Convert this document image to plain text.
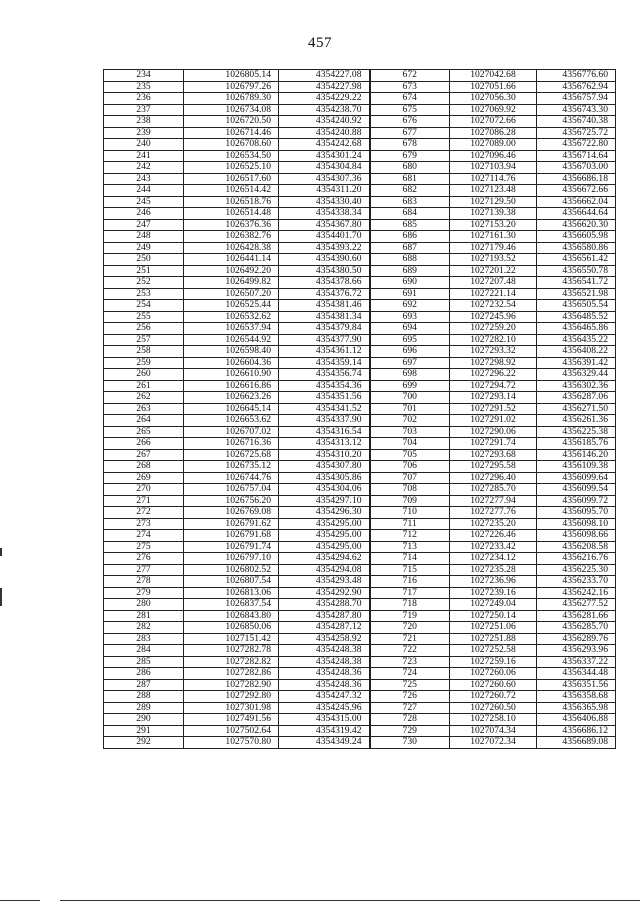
457
234	1026805.14	4354227.08	672	1027042.68	4356776.60
235	1026797.26	4354227.98	673	1027051.66	4356762.94
236	1026789.30	4354229.22	674	1027056.30	4356757.94
237	1026734.08	4354238.70	675	1027069.92	4356743.30
238	1026720.50	4354240.92	676	1027072.66	4356740.38
239	1026714.46	4354240.88	677	1027086.28	4356725.72
240	1026708.60	4354242.68	678	1027089.00	4356722.80
241	1026534.50	4354301.24	679	1027096.46	4356714.64
242	1026525.10	4354304.84	680	1027103.94	4356703.00
243	1026517.60	4354307.36	681	1027114.76	4356686.18
244	1026514.42	4354311.20	682	1027123.48	4356672.66
245	1026518.76	4354330.40	683	1027129.50	4356662.04
246	1026514.48	4354338.34	684	1027139.38	4356644.64
247	1026376.36	4354367.80	685	1027153.20	4356620.30
248	1026382.76	4354401.70	686	1027161.30	4356605.98
249	1026428.38	4354393.22	687	1027179.46	4356580.86
250	1026441.14	4354390.60	688	1027193.52	4356561.42
251	1026492.20	4354380.50	689	1027201.22	4356550.78
252	1026499.82	4354378.66	690	1027207.48	4356541.72
253	1026507.20	4354376.72	691	1027221.14	4356521.98
254	1026525.44	4354381.46	692	1027232.54	4356505.54
255	1026532.62	4354381.34	693	1027245.96	4356485.52
256	1026537.94	4354379.84	694	1027259.20	4356465.86
257	1026544.92	4354377.90	695	1027282.10	4356435.22
258	1026598.40	4354361.12	696	1027293.32	4356408.22
259	1026604.36	4354359.14	697	1027298.92	4356391.42
260	1026610.90	4354356.74	698	1027296.22	4356329.44
261	1026616.86	4354354.36	699	1027294.72	4356302.36
262	1026623.26	4354351.56	700	1027293.14	4356287.06
263	1026645.14	4354341.52	701	1027291.52	4356271.50
264	1026653.62	4354337.90	702	1027291.02	4356261.36
265	1026707.02	4354316.54	703	1027290.06	4356225.38
266	1026716.36	4354313.12	704	1027291.74	4356185.76
267	1026725.68	4354310.20	705	1027293.68	4356146.20
268	1026735.12	4354307.80	706	1027295.58	4356109.38
269	1026744.76	4354305.86	707	1027296.40	4356099.64
270	1026757.04	4354304.06	708	1027285.70	4356099.54
271	1026756.20	4354297.10	709	1027277.94	4356099.72
272	1026769.08	4354296.30	710	1027277.76	4356095.70
273	1026791.62	4354295.00	711	1027235.20	4356098.10
274	1026791.68	4354295.00	712	1027226.46	4356098.66
275	1026791.74	4354295.00	713	1027233.42	4356208.58
276	1026797.10	4354294.62	714	1027234.12	4356216.76
277	1026802.52	4354294.08	715	1027235.28	4356225.30
278	1026807.54	4354293.48	716	1027236.96	4356233.70
279	1026813.06	4354292.90	717	1027239.16	4356242.16
280	1026837.54	4354288.70	718	1027249.04	4356277.52
281	1026843.80	4354287.80	719	1027250.14	4356281.66
282	1026850.06	4354287.12	720	1027251.06	4356285.70
283	1027151.42	4354258.92	721	1027251.88	4356289.76
284	1027282.78	4354248.38	722	1027252.58	4356293.96
285	1027282.82	4354248.38	723	1027259.16	4356337.22
286	1027282.86	4354248.36	724	1027260.06	4356344.48
287	1027282.90	4354248.36	725	1027260.60	4356351.56
288	1027292.80	4354247.32	726	1027260.72	4356358.68
289	1027301.98	4354245.96	727	1027260.50	4356365.98
290	1027491.56	4354315.00	728	1027258.10	4356406.88
291	1027502.64	4354319.42	729	1027074.34	4356686.12
292	1027570.80	4354349.24	730	1027072.34	4356689.08
